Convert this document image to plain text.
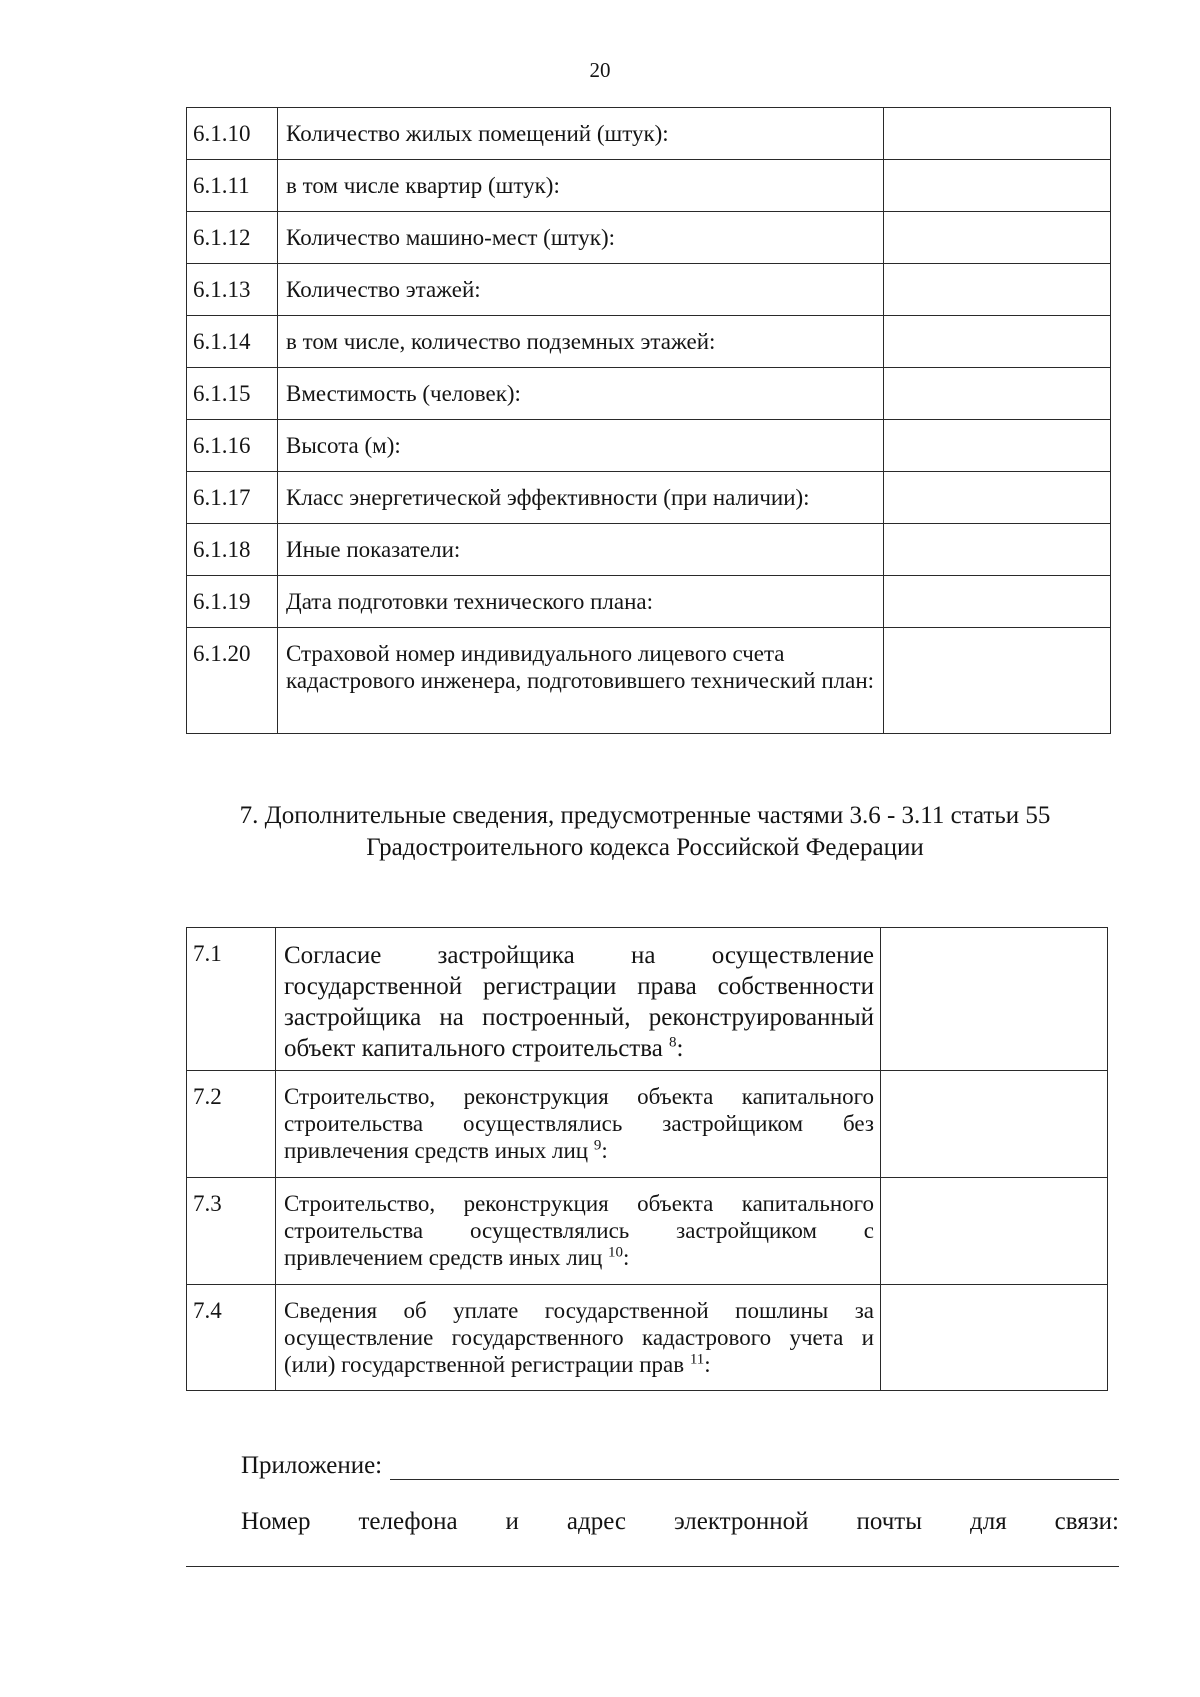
20
6.1.10	Количество жилых помещений (штук):	
6.1.11	в том числе квартир (штук):	
6.1.12	Количество машино-мест (штук):	
6.1.13	Количество этажей:	
6.1.14	в том числе, количество подземных этажей:	
6.1.15	Вместимость (человек):	
6.1.16	Высота (м):	
6.1.17	Класс энергетической эффективности (при наличии):	
6.1.18	Иные показатели:	
6.1.19	Дата подготовки технического плана:	
6.1.20	Страховой номер индивидуального лицевого счета кадастрового инженера, подготовившего технический план:	
7. Дополнительные сведения, предусмотренные частями 3.6 - 3.11 статьи 55
Градостроительного кодекса Российской Федерации
7.1	Согласие застройщика на осуществление государственной регистрации права собственности застройщика на построенный, реконструированный объект капитального строительства $^8$:	
7.2	Строительство, реконструкция объекта капитального строительства осуществлялись застройщиком без привлечения средств иных лиц $^9$:	
7.3	Строительство, реконструкция объекта капитального строительства осуществлялись застройщиком с привлечением средств иных лиц $^{10}$:	
7.4	Сведения об уплате государственной пошлины за осуществление государственного кадастрового учета и (или) государственной регистрации прав $^{11}$:	
Приложение:
Номер телефона и адрес электронной почты для связи:
